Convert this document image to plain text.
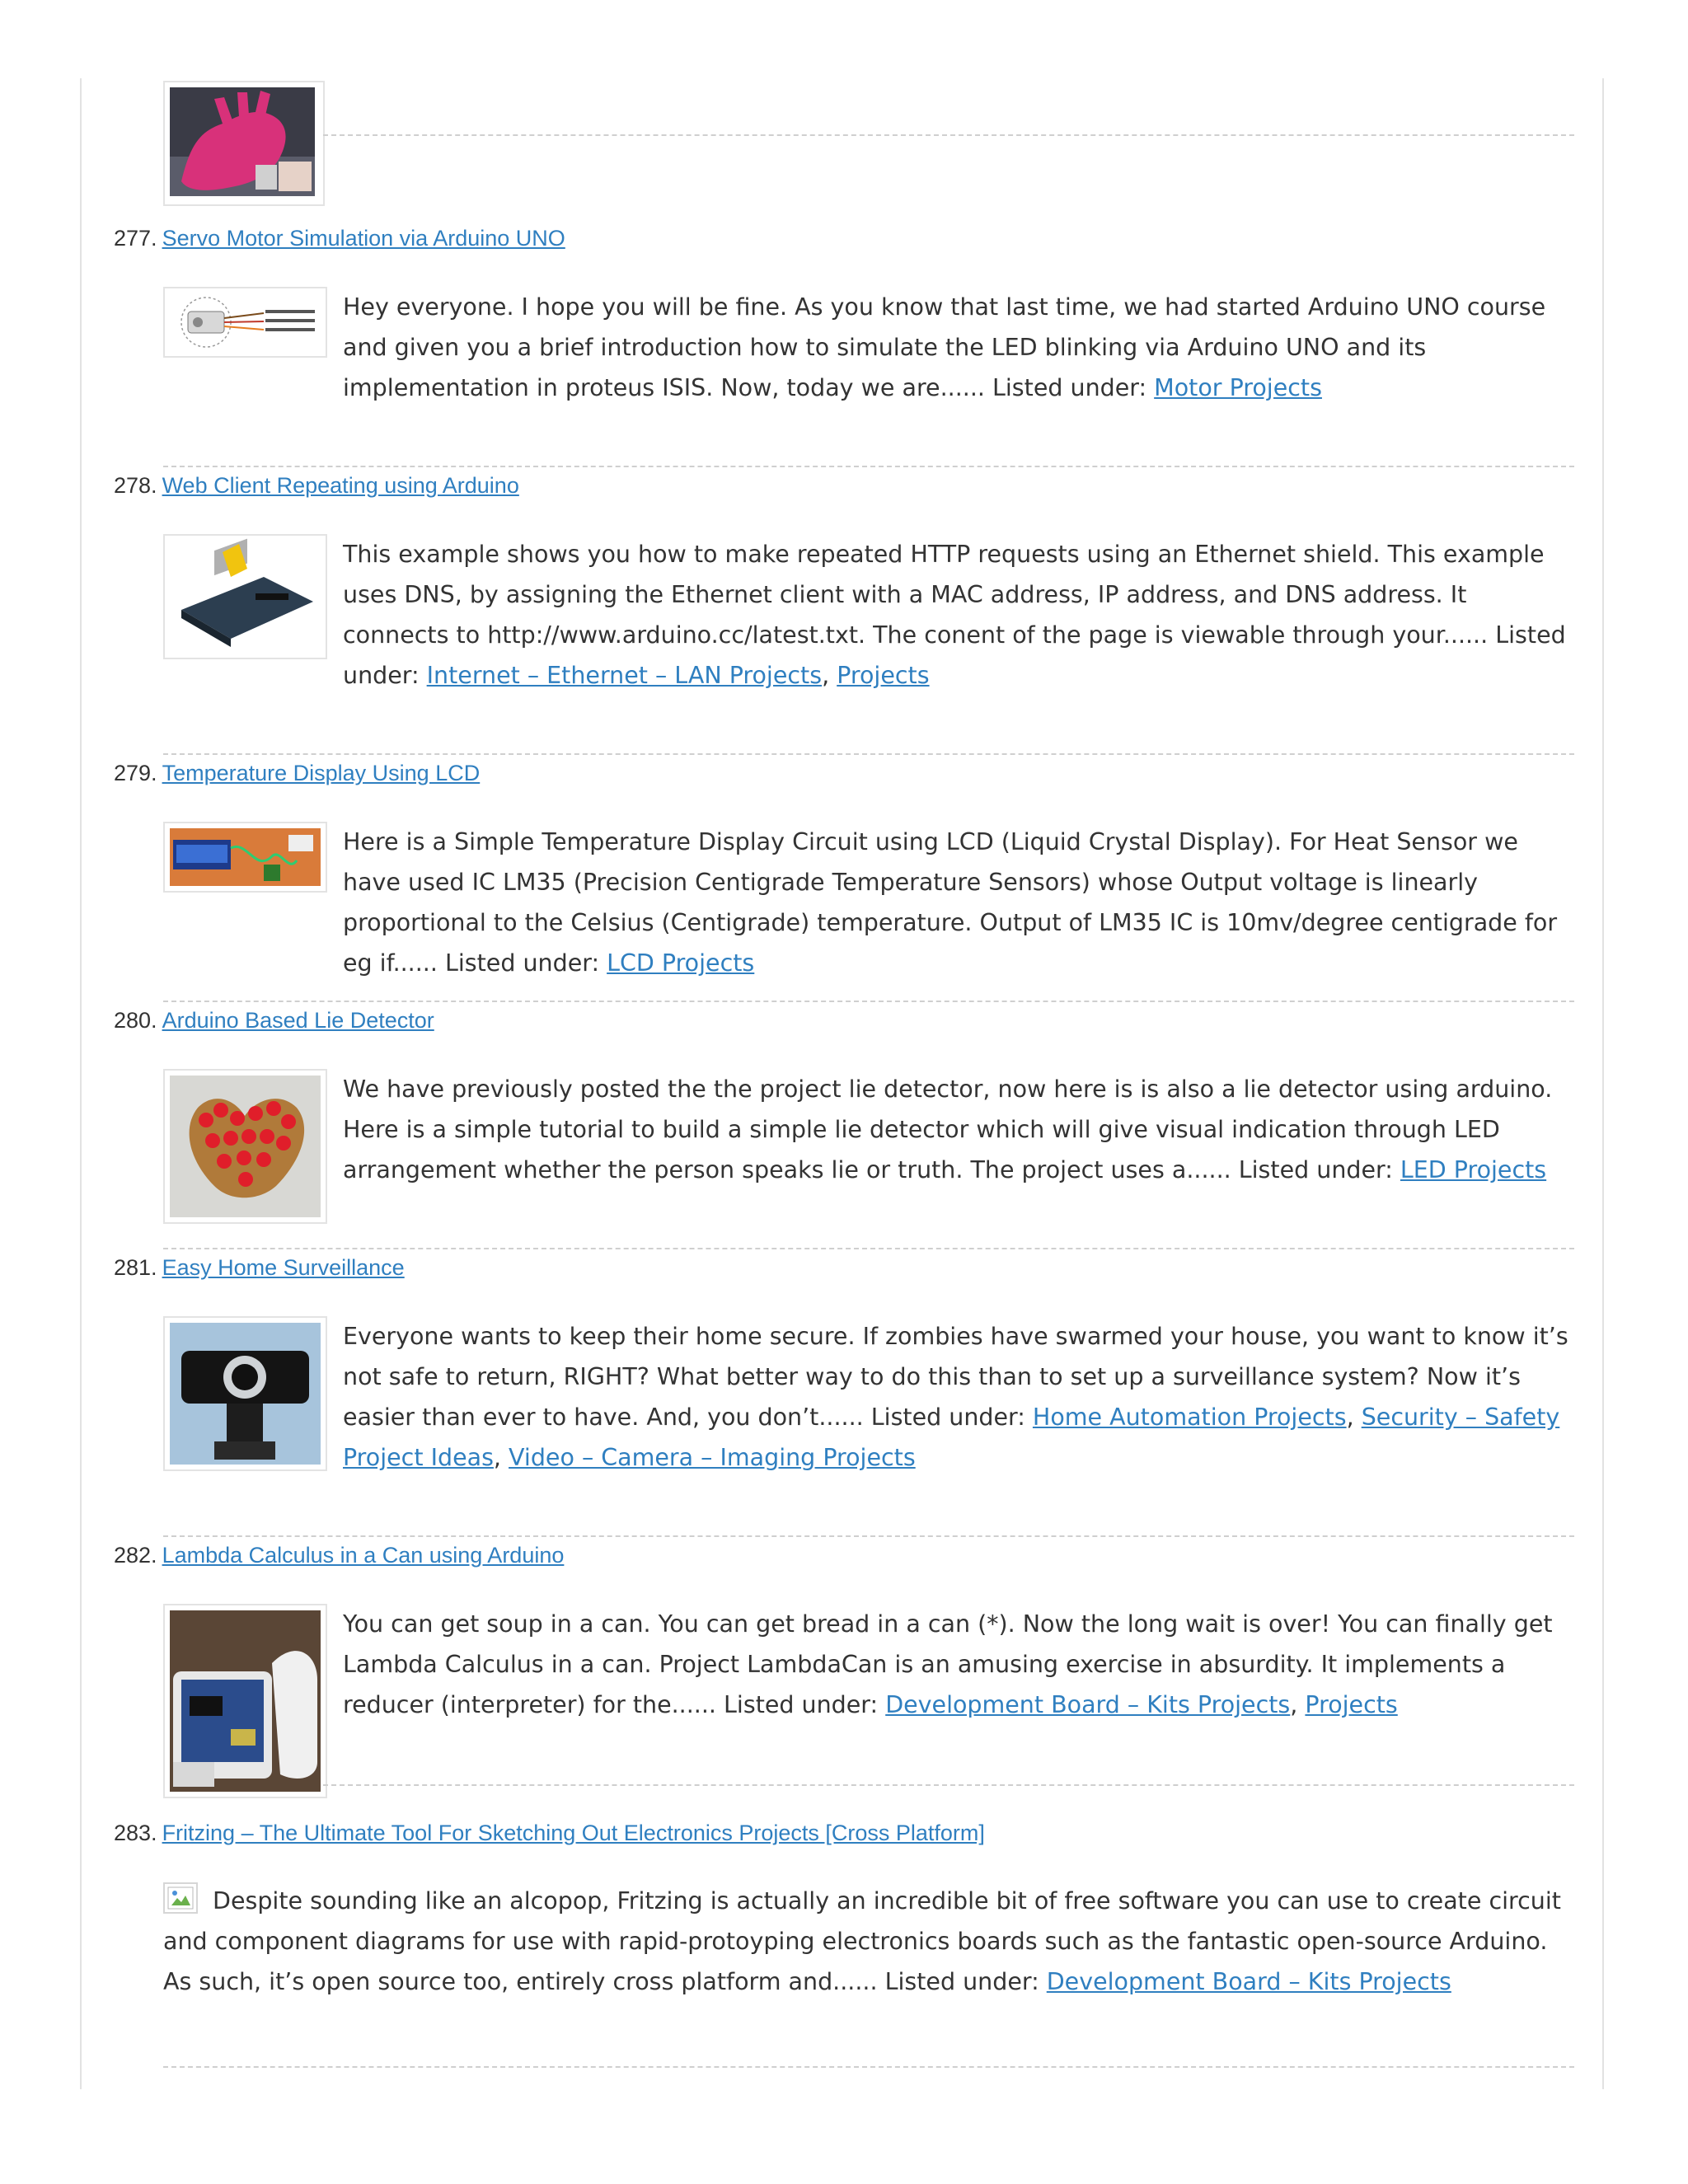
277. Servo Motor Simulation via Arduino UNO
Hey everyone. I hope you will be fine. As you know that last time, we had started Arduino UNO course and given you a brief introduction how to simulate the LED blinking via Arduino UNO and its implementation in proteus ISIS. Now, today we are...... Listed under: Motor Projects
278. Web Client Repeating using Arduino
This example shows you how to make repeated HTTP requests using an Ethernet shield. This example uses DNS, by assigning the Ethernet client with a MAC address, IP address, and DNS address. It connects to http://www.arduino.cc/latest.txt. The conent of the page is viewable through your...... Listed under: Internet – Ethernet – LAN Projects, Projects
279. Temperature Display Using LCD
Here is a Simple Temperature Display Circuit using LCD (Liquid Crystal Display). For Heat Sensor we have used IC LM35 (Precision Centigrade Temperature Sensors) whose Output voltage is linearly proportional to the Celsius (Centigrade) temperature. Output of LM35 IC is 10mv/degree centigrade for eg if...... Listed under: LCD Projects
280. Arduino Based Lie Detector
We have previously posted the the project lie detector, now here is is also a lie detector using arduino. Here is a simple tutorial to build a simple lie detector which will give visual indication through LED arrangement whether the person speaks lie or truth. The project uses a...... Listed under: LED Projects
281. Easy Home Surveillance
Everyone wants to keep their home secure. If zombies have swarmed your house, you want to know it’s not safe to return, RIGHT? What better way to do this than to set up a surveillance system? Now it’s easier than ever to have. And, you don’t...... Listed under: Home Automation Projects, Security – Safety Project Ideas, Video – Camera – Imaging Projects
282. Lambda Calculus in a Can using Arduino
You can get soup in a can. You can get bread in a can (*). Now the long wait is over! You can finally get Lambda Calculus in a can. Project LambdaCan is an amusing exercise in absurdity. It implements a reducer (interpreter) for the...... Listed under: Development Board – Kits Projects, Projects
283. Fritzing – The Ultimate Tool For Sketching Out Electronics Projects [Cross Platform]
Despite sounding like an alcopop, Fritzing is actually an incredible bit of free software you can use to create circuit and component diagrams for use with rapid-protoyping electronics boards such as the fantastic open-source Arduino. As such, it’s open source too, entirely cross platform and...... Listed under: Development Board – Kits Projects
